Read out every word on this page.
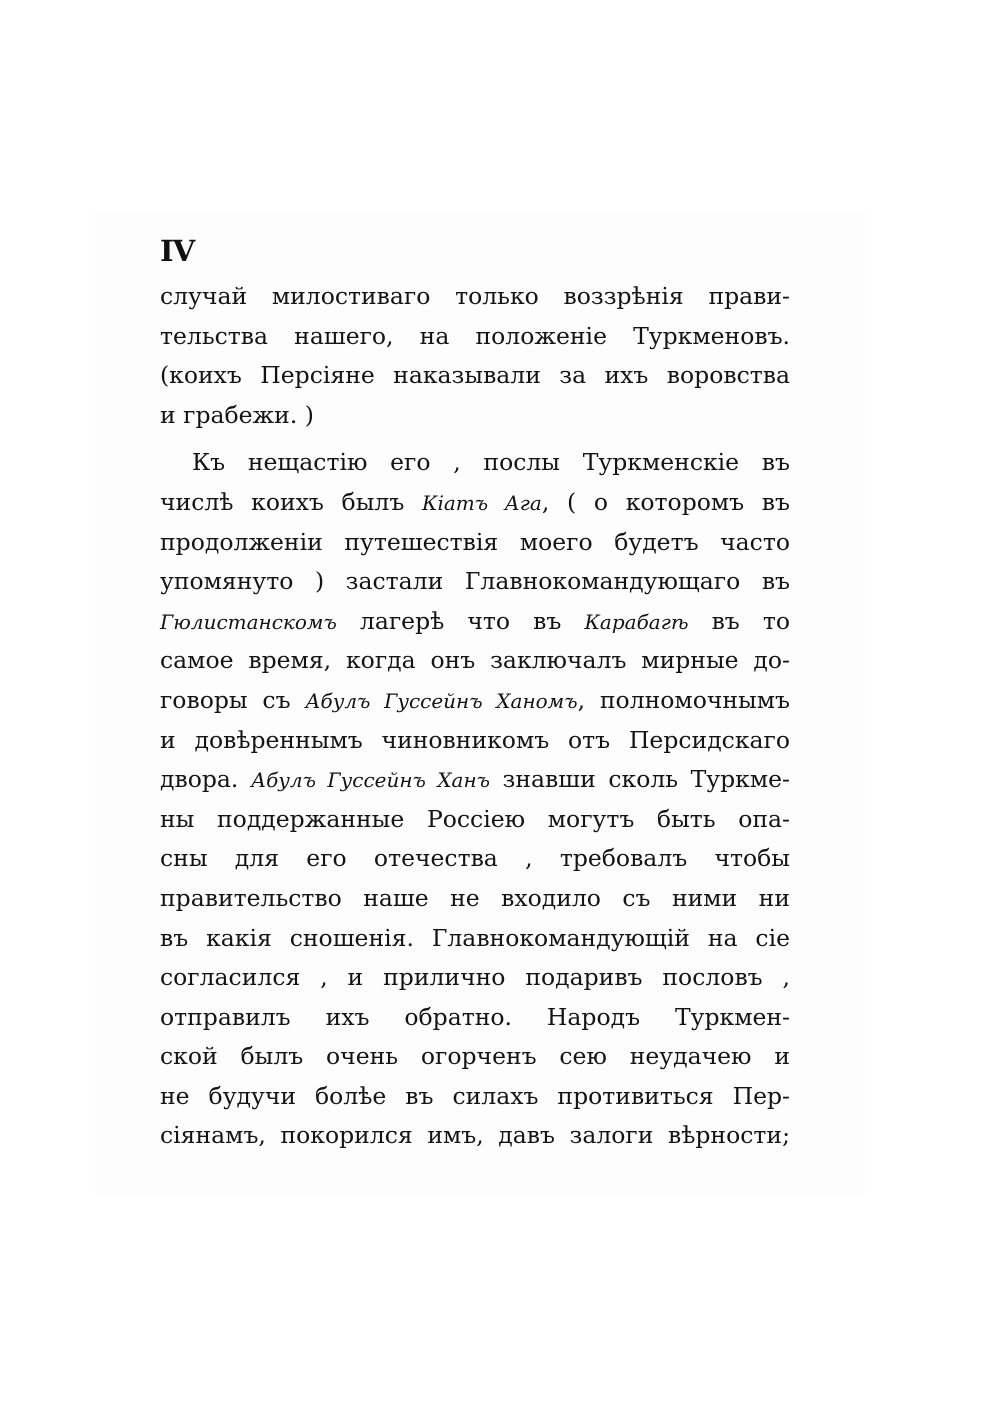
IV
случай милостиваго только воззрѣнія прави-
тельства нашего, на положеніе Туркменовъ.
(коихъ Персіяне наказывали за ихъ воровства
и грабежи. )
Къ нещастію его , послы Туркменскіе въ
числѣ коихъ былъ Кіатъ Ага, ( о которомъ въ
продолженіи путешествія моего будетъ часто
упомянуто ) застали Главнокомандующаго въ
Гюлистанскомъ лагерѣ что въ Карабагѣ въ то
самое время, когда онъ заключалъ мирные до-
говоры съ Абулъ Гуссейнъ Ханомъ, полномочнымъ
и довѣреннымъ чиновникомъ отъ Персидскаго
двора. Абулъ Гуссейнъ Ханъ знавши сколь Туркме-
ны поддержанные Россіею могутъ быть опа-
сны для его отечества , требовалъ чтобы
правительство наше не входило съ ними ни
въ какія сношенія. Главнокомандующій на сіе
согласился , и прилично подаривъ пословъ ,
отправилъ ихъ обратно. Народъ Туркмен-
ской былъ очень огорченъ сею неудачею и
не будучи болѣе въ силахъ противиться Пер-
сіянамъ, покорился имъ, давъ залоги вѣрности;
